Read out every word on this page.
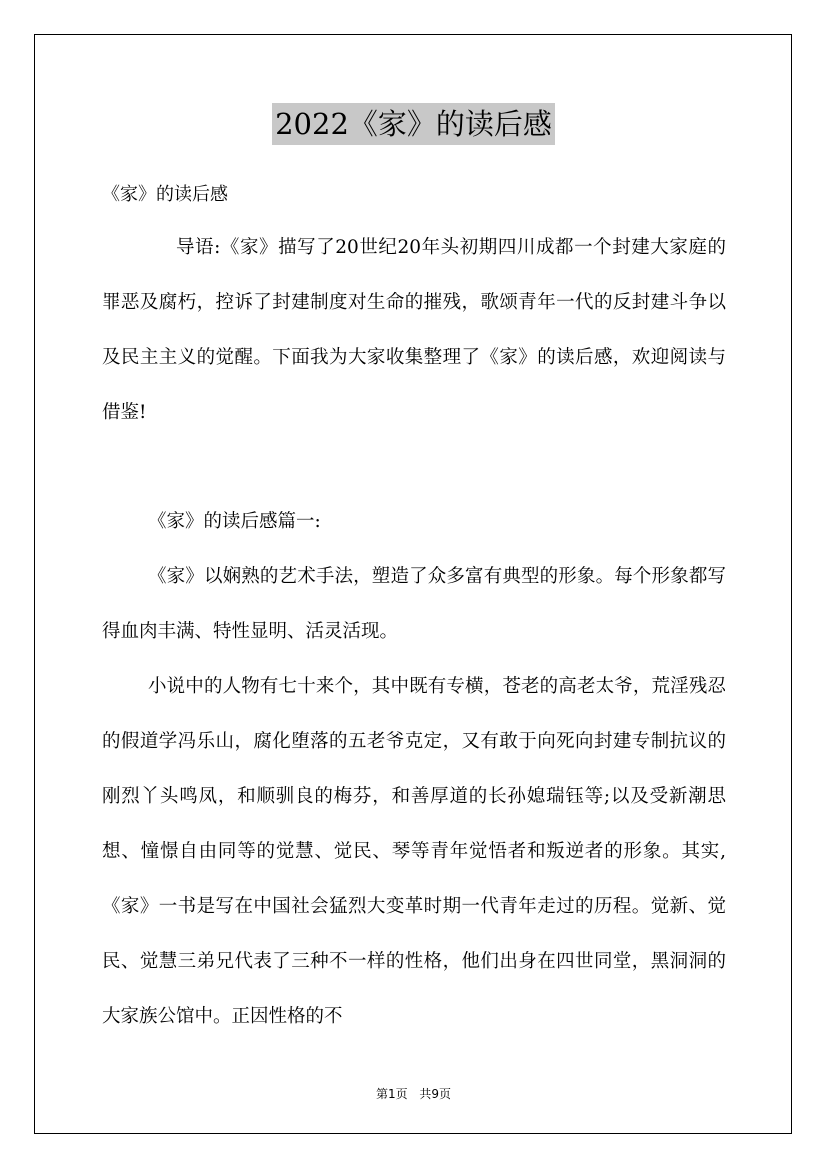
2022《家》的读后感
《家》的读后感

导语:《家》描写了20世纪20年头初期四川成都一个封建大家庭的罪恶及腐朽，控诉了封建制度对生命的摧残，歌颂青年一代的反封建斗争以及民主主义的觉醒。下面我为大家收集整理了《家》的读后感，欢迎阅读与借鉴!

《家》的读后感篇一:

《家》以娴熟的艺术手法，塑造了众多富有典型的形象。每个形象都写得血肉丰满、特性显明、活灵活现。

小说中的人物有七十来个，其中既有专横，苍老的高老太爷，荒淫残忍的假道学冯乐山，腐化堕落的五老爷克定，又有敢于向死向封建专制抗议的刚烈丫头鸣凤，和顺驯良的梅芬，和善厚道的长孙媳瑞钰等;以及受新潮思想、憧憬自由同等的觉慧、觉民、琴等青年觉悟者和叛逆者的形象。其实,《家》一书是写在中国社会猛烈大变革时期一代青年走过的历程。觉新、觉民、觉慧三弟兄代表了三种不一样的性格，他们出身在四世同堂，黑洞洞的大家族公馆中。正因性格的不

第1页 共9页
